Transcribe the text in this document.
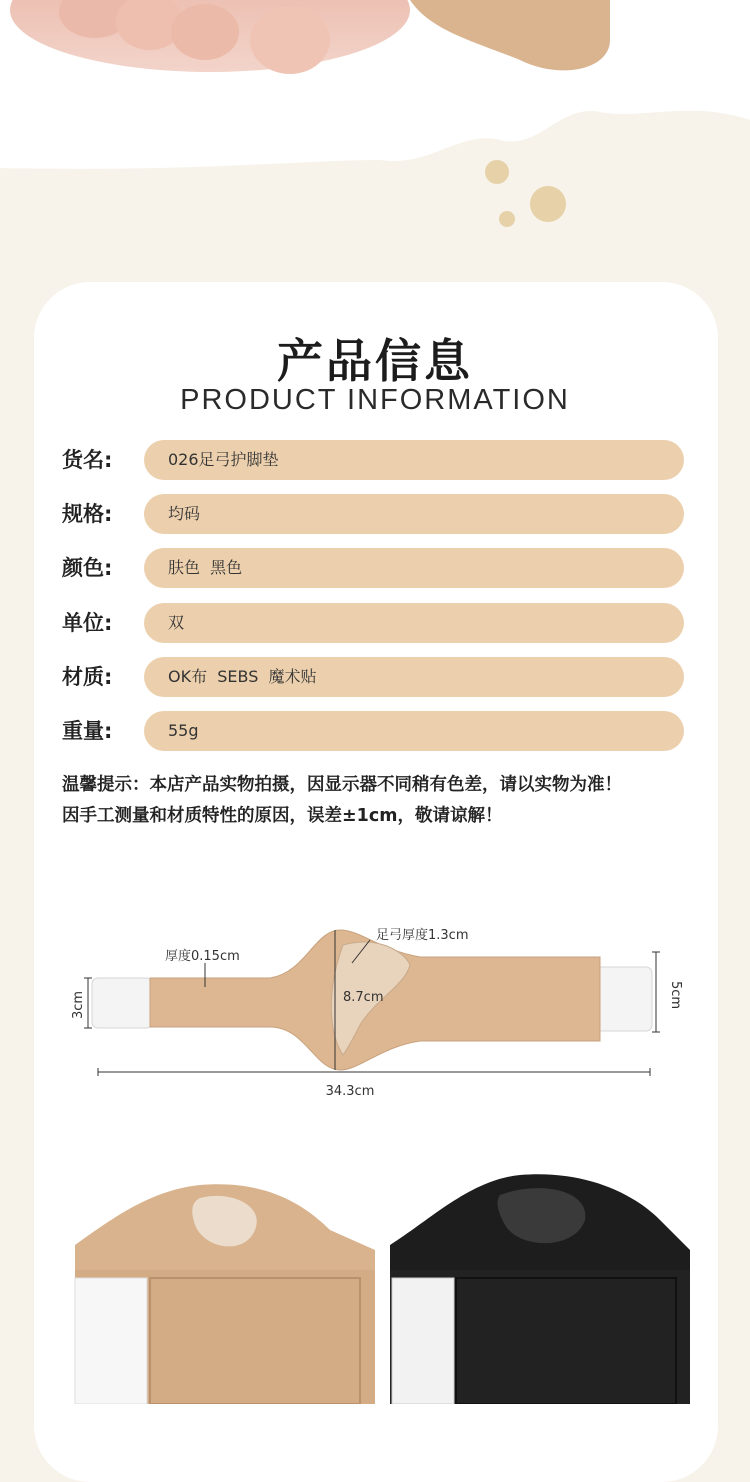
产品信息
PRODUCT INFORMATION
货名:	026足弓护脚垫
规格:	均码
颜色:	肤色  黑色
单位:	双
材质:	OK布  SEBS  魔术贴
重量:	55g
温馨提示：本店产品实物拍摄，因显示器不同稍有色差，请以实物为准！
因手工测量和材质特性的原因，误差±1cm，敬请谅解！
厚度0.15cm
足弓厚度1.3cm
8.7cm
3cm	5cm
34.3cm
